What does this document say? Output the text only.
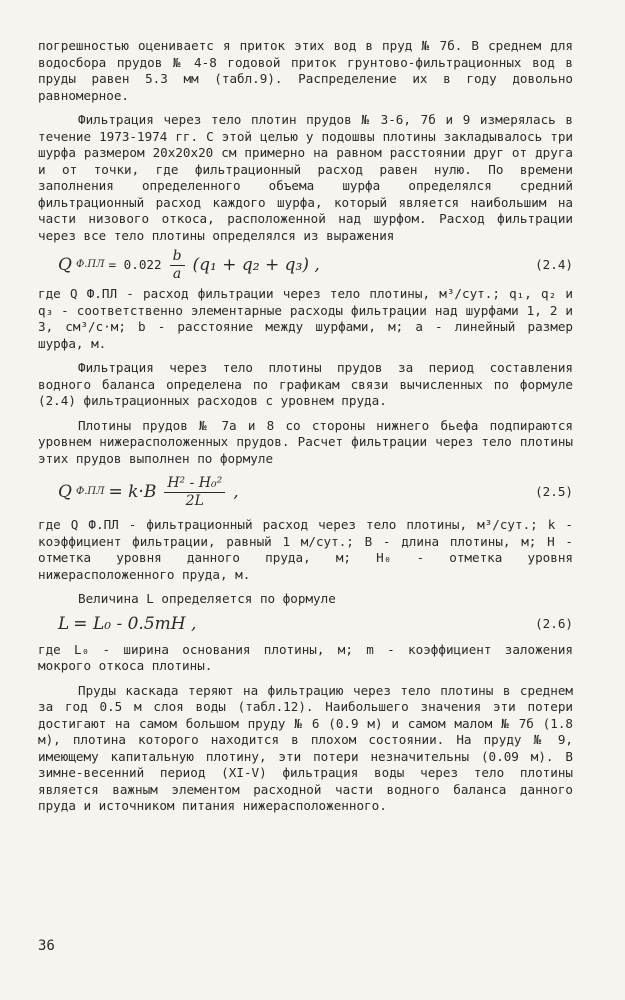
погрешностью оцениваетс я приток этих вод в пруд № 7б. В среднем для водосбора прудов № 4-8 годовой приток грунтово-фильтрационных вод в пруды равен 5.3 мм (табл.9). Распределение их в году довольно равномерное.

Фильтрация через тело плотин прудов № 3-6, 7б и 9 измерялась в течение 1973-1974 гг. С этой целью у подошвы плотины закладывалось три шурфа размером 20х20х20 см примерно на равном расстоянии друг от друга и от точки, где фильтрационный расход равен нулю. По времени заполнения определенного объема шурфа определялся средний фильтрационный расход каждого шурфа, который является наибольшим на части низового откоса, расположенной над шурфом. Расход фильтрации через все тело плотины определялся из выражения

Q $Ф.ПЛ = 0.022 \frac{b}{a} (q_1 + q_2 + q_3)$ ,	(2.4)

где Q Ф.ПЛ - расход фильтрации через тело плотины, м³/сут.; q₁, q₂ и q₃ - соответственно элементарные расходы фильтрации над шурфами 1, 2 и 3, см³/с·м; b - расстояние между шурфами, м; a - линейный размер шурфа, м.

Фильтрация через тело плотины прудов за период составления водного баланса определена по графикам связи вычисленных по формуле (2.4) фильтрационных расходов с уровнем пруда.

Плотины прудов № 7а и 8 со стороны нижнего бьефа подпираются уровнем нижерасположенных прудов. Расчет фильтрации через тело плотины этих прудов выполнен по формуле

Q $Ф.ПЛ = k\cdot B \frac{\text{H² - H₀²}}{2L}$ ,	(2.5)

где Q Ф.ПЛ - фильтрационный расход через тело плотины, м³/сут.; k - коэффициент фильтрации, равный 1 м/сут.; B - длина плотины, м; H - отметка уровня данного пруда, м; H₀ - отметка уровня нижерасположенного пруда, м.

Величина L определяется по формуле

L = L₀ - 0.5mH ,	(2.6)

где L₀ - ширина основания плотины, м; m - коэффициент заложения мокрого откоса плотины.

Пруды каскада теряют на фильтрацию через тело плотины в среднем за год 0.5 м слоя воды (табл.12). Наибольшего значения эти потери достигают на самом большом пруду № 6 (0.9 м) и самом малом № 7б (1.8 м), плотина которого находится в плохом состоянии. На пруду № 9, имеющему капитальную плотину, эти потери незначительны (0.09 м). В зимне-весенний период (XI-V) фильтрация воды через тело плотины является важным элементом расходной части водного баланса данного пруда и источником питания нижерасположенного.

36
